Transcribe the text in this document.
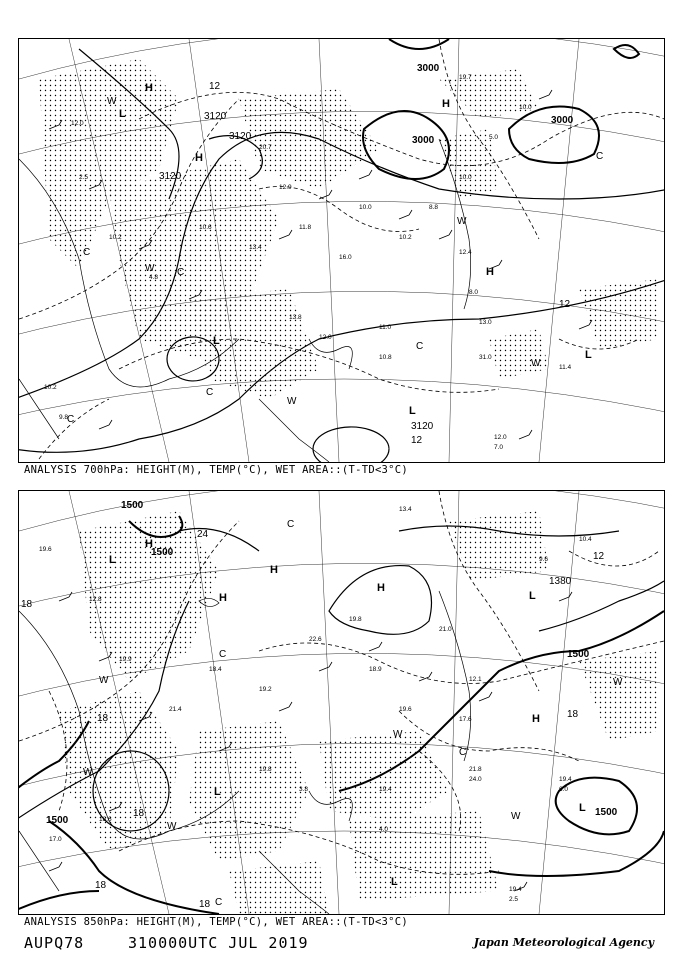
12.0
2.5
10.2
4.8
10.6
13.4
11.8
16.0
10.0
10.2
8.8
10.0
12.4
8.0
11.0
10.8
13.0
31.0
13.8
12.0
5.0
10.0
19.7
10.2
9.8
11.4
12.0
7.0
20.7
12.9
3000
3000
3000
3120
3120
3120
3120
12
12
12
H
H
H
H
L
L
L
L
W
W
W
W
W
C
C
C
C
C
C
ANALYSIS 700hPa: HEIGHT(M), TEMP(°C), WET AREA::(T-TD<3°C)
19.6
12.8
19.9
21.4
18.4
19.2
22.6
19.8
18.9
19.6
21.0
12.1
17.6
21.8
24.0
19.4
4.0
19.8
3.8
19.4
6.0
19.4
2.5
17.0
18.6
9.6
10.4
13.4
1500
1500
1500
1500
1500
1380
24
18
18	18
18
18
18
12
H
H
H
H
H
L
L
L
L
L
W
W
W
W
W
W
C
C
C
C
ANALYSIS 850hPa: HEIGHT(M), TEMP(°C), WET AREA::(T-TD<3°C)
AUPQ78	310000UTC JUL 2019	Japan Meteorological Agency
